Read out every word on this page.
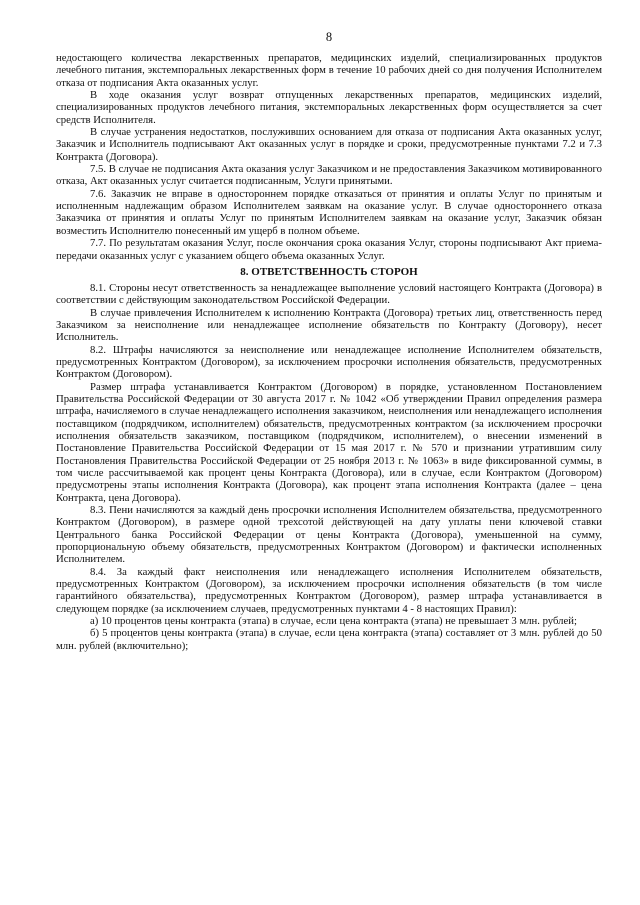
8

недостающего количества лекарственных препаратов, медицинских изделий, специализированных продуктов лечебного питания, экстемпоральных лекарственных форм в течение 10 рабочих дней со дня получения Исполнителем отказа от подписания Акта оказанных услуг.

В ходе оказания услуг возврат отпущенных лекарственных препаратов, медицинских изделий, специализированных продуктов лечебного питания, экстемпоральных лекарственных форм осуществляется за счет средств Исполнителя.

В случае устранения недостатков, послуживших основанием для отказа от подписания Акта оказанных услуг, Заказчик и Исполнитель подписывают Акт оказанных услуг в порядке и сроки, предусмотренные пунктами 7.2 и 7.3 Контракта (Договора).

7.5. В случае не подписания Акта оказания услуг Заказчиком и не предоставления Заказчиком мотивированного отказа, Акт оказанных услуг считается подписанным, Услуги принятыми.

7.6. Заказчик не вправе в одностороннем порядке отказаться от принятия и оплаты Услуг по принятым и исполненным надлежащим образом Исполнителем заявкам на оказание услуг. В случае одностороннего отказа Заказчика от принятия и оплаты Услуг по принятым Исполнителем заявкам на оказание услуг, Заказчик обязан возместить Исполнителю понесенный им ущерб в полном объеме.

7.7. По результатам оказания Услуг, после окончания срока оказания Услуг, стороны подписывают Акт приема-передачи оказанных услуг с указанием общего объема оказанных Услуг.

8. ОТВЕТСТВЕННОСТЬ СТОРОН

8.1. Стороны несут ответственность за ненадлежащее выполнение условий настоящего Контракта (Договора) в соответствии с действующим законодательством Российской Федерации.

В случае привлечения Исполнителем к исполнению Контракта (Договора) третьих лиц, ответственность перед Заказчиком за неисполнение или ненадлежащее исполнение обязательств по Контракту (Договору), несет Исполнитель.

8.2. Штрафы начисляются за неисполнение или ненадлежащее исполнение Исполнителем обязательств, предусмотренных Контрактом (Договором), за исключением просрочки исполнения обязательств, предусмотренных Контрактом (Договором).

Размер штрафа устанавливается Контрактом (Договором) в порядке, установленном Постановлением Правительства Российской Федерации от 30 августа 2017 г. № 1042 «Об утверждении Правил определения размера штрафа, начисляемого в случае ненадлежащего исполнения заказчиком, неисполнения или ненадлежащего исполнения поставщиком (подрядчиком, исполнителем) обязательств, предусмотренных контрактом (за исключением просрочки исполнения обязательств заказчиком, поставщиком (подрядчиком, исполнителем), о внесении изменений в Постановление Правительства Российской Федерации от 15 мая 2017 г. № 570 и признании утратившим силу Постановления Правительства Российской Федерации от 25 ноября 2013 г. № 1063» в виде фиксированной суммы, в том числе рассчитываемой как процент цены Контракта (Договора), или в случае, если Контрактом (Договором) предусмотрены этапы исполнения Контракта (Договора), как процент этапа исполнения Контракта (далее – цена Контракта, цена Договора).

8.3. Пени начисляются за каждый день просрочки исполнения Исполнителем обязательства, предусмотренного Контрактом (Договором), в размере одной трехсотой действующей на дату уплаты пени ключевой ставки Центрального банка Российской Федерации от цены Контракта (Договора), уменьшенной на сумму, пропорциональную объему обязательств, предусмотренных Контрактом (Договором) и фактически исполненных Исполнителем.

8.4. За каждый факт неисполнения или ненадлежащего исполнения Исполнителем обязательств, предусмотренных Контрактом (Договором), за исключением просрочки исполнения обязательств (в том числе гарантийного обязательства), предусмотренных Контрактом (Договором), размер штрафа устанавливается в следующем порядке (за исключением случаев, предусмотренных пунктами 4 - 8 настоящих Правил):

а) 10 процентов цены контракта (этапа) в случае, если цена контракта (этапа) не превышает 3 млн. рублей;

б) 5 процентов цены контракта (этапа) в случае, если цена контракта (этапа) составляет от 3 млн. рублей до 50 млн. рублей (включительно);
